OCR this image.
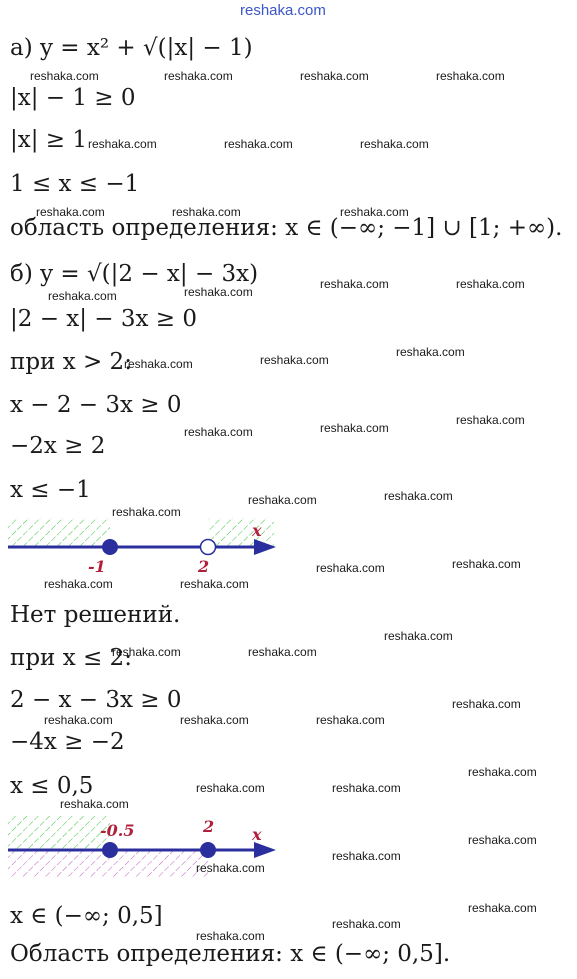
reshaka.com
а) y = x² + √(|x| − 1)
|x| − 1 ≥ 0
|x| ≥ 1
1 ≤ x ≤ −1
область определения: x ∈ (−∞; −1] ∪ [1; +∞).
б) y = √(|2 − x| − 3x)
|2 − x| − 3x ≥ 0
при x > 2:
x − 2 − 3x ≥ 0
−2x ≥ 2
x ≤ −1
-1	2
x
Нет решений.
при x ≤ 2:
2 − x − 3x ≥ 0
−4x ≥ −2
x ≤ 0,5
-0.5	2 x
x ∈ (−∞; 0,5]
Область определения: x ∈ (−∞; 0,5].
reshaka.com	reshaka.com	reshaka.com	reshaka.com
reshaka.com	reshaka.com	reshaka.com
reshaka.com	reshaka.com	reshaka.com
reshaka.com
reshaka.com
reshaka.com	reshaka.com
reshaka.com	reshaka.com
reshaka.com
reshaka.com
reshaka.com
reshaka.com
reshaka.com	reshaka.com
reshaka.com
reshaka.com
reshaka.com
reshaka.com	reshaka.com
reshaka.com
reshaka.com	reshaka.com
reshaka.com
reshaka.com	reshaka.com	reshaka.com
reshaka.com
reshaka.com	reshaka.com
reshaka.com
reshaka.com
reshaka.com
reshaka.com
reshaka.com
reshaka.com
reshaka.com
